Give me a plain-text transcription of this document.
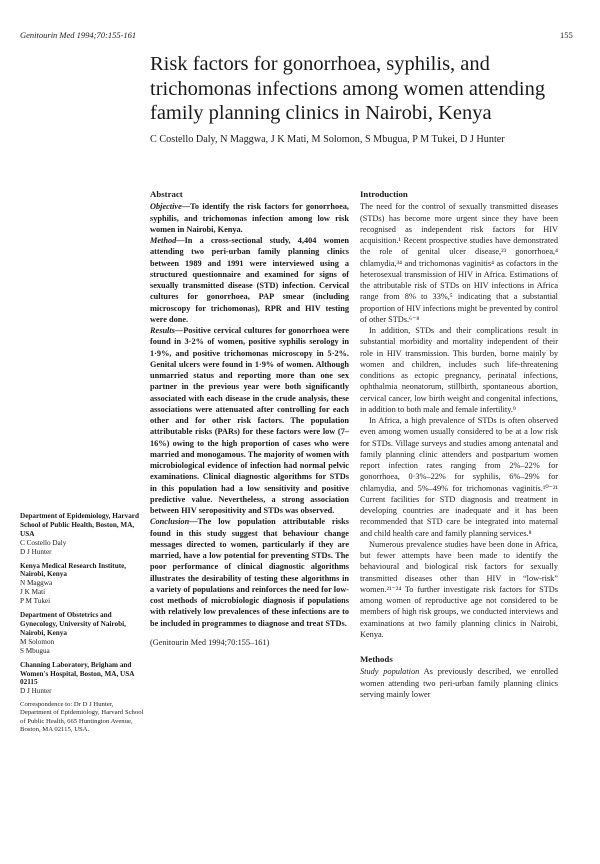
Genitourin Med 1994;70:155-161	155
Risk factors for gonorrhoea, syphilis, and trichomonas infections among women attending family planning clinics in Nairobi, Kenya
C Costello Daly, N Maggwa, J K Mati, M Solomon, S Mbugua, P M Tukei, D J Hunter
Abstract

Objective—To identify the risk factors for gonorrhoea, syphilis, and trichomonas infection among low risk women in Nairobi, Kenya.

Method—In a cross-sectional study, 4,404 women attending two peri-urban family planning clinics between 1989 and 1991 were interviewed using a structured questionnaire and examined for signs of sexually transmitted disease (STD) infection. Cervical cultures for gonorrhoea, PAP smear (including microscopy for trichomonas), RPR and HIV testing were done.

Results—Positive cervical cultures for gonorrhoea were found in 3·2% of women, positive syphilis serology in 1·9%, and positive trichomonas microscopy in 5·2%. Genital ulcers were found in 1·9% of women. Although unmarried status and reporting more than one sex partner in the previous year were both significantly associated with each disease in the crude analysis, these associations were attenuated after controlling for each other and for other risk factors. The population attributable risks (PARs) for these factors were low (7–16%) owing to the high proportion of cases who were married and monogamous. The majority of women with microbiological evidence of infection had normal pelvic examinations. Clinical diagnostic algorithms for STDs in this population had a low sensitivity and positive predictive value. Nevertheless, a strong association between HIV seropositivity and STDs was observed.

Conclusion—The low population attributable risks found in this study suggest that behaviour change messages directed to women, particularly if they are married, have a low potential for preventing STDs. The poor performance of clinical diagnostic algorithms illustrates the desirability of testing these algorithms in a variety of populations and reinforces the need for low-cost methods of microbiologic diagnosis if populations with relatively low prevalences of these infections are to be included in programmes to diagnose and treat STDs.

(Genitourin Med 1994;70:155–161)

Introduction

The need for the control of sexually transmitted diseases (STDs) has become more urgent since they have been recognised as independent risk factors for HIV acquisition.¹ Recent prospective studies have demonstrated the role of genital ulcer disease,²³ gonorrhoea,⁴ chlamydia,³⁴ and trichomonas vaginitis⁴ as cofactors in the heterosexual transmission of HIV in Africa. Estimations of the attributable risk of STDs on HIV infections in Africa range from 8% to 33%,⁵ indicating that a substantial proportion of HIV infections might be prevented by control of other STDs.⁶⁻⁸

In addition, STDs and their complications result in substantial morbidity and mortality independent of their role in HIV transmission. This burden, borne mainly by women and children, includes such life-threatening conditions as ectopic pregnancy, perinatal infections, ophthalmia neonatorum, stillbirth, spontaneous abortion, cervical cancer, low birth weight and congenital infections, in addition to both male and female infertility.⁹

In Africa, a high prevalence of STDs is often observed even among women usually considered to be at a low risk for STDs. Village surveys and studies among antenatal and family planning clinic attenders and postpartum women report infection rates ranging from 2%–22% for gonorrhoea, 0·3%–22% for syphilis, 6%–29% for chlamydia, and 5%–49% for trichomonas vaginitis.¹⁰⁻²¹ Current facilities for STD diagnosis and treatment in developing countries are inadequate and it has been recommended that STD care be integrated into maternal and child health care and family planning services.⁸

Numerous prevalence studies have been done in Africa, but fewer attempts have been made to identify the behavioural and biological risk factors for sexually transmitted diseases other than HIV in “low-risk” women.²¹⁻²⁴ To further investigate risk factors for STDs among women of reproductive age not considered to be members of high risk groups, we conducted interviews and examinations at two family planning clinics in Nairobi, Kenya.

Methods

Study population As previously described, we enrolled women attending two peri-urban family planning clinics serving mainly lower

Department of Epidemiology, Harvard School of Public Health, Boston, MA, USA

C Costello Daly

D J Hunter

Kenya Medical Research Institute, Nairobi, Kenya

N Maggwa

J K Mati

P M Tukei

Department of Obstetrics and Gynecology, University of Nairobi, Nairobi, Kenya

M Solomon

S Mbugua

Channing Laboratory, Brigham and Women's Hospital, Boston, MA, USA 02115

D J Hunter

Correspondence to: Dr D J Hunter, Department of Epidemiology, Harvard School of Public Health, 665 Huntington Avenue, Boston, MA 02115, USA.
